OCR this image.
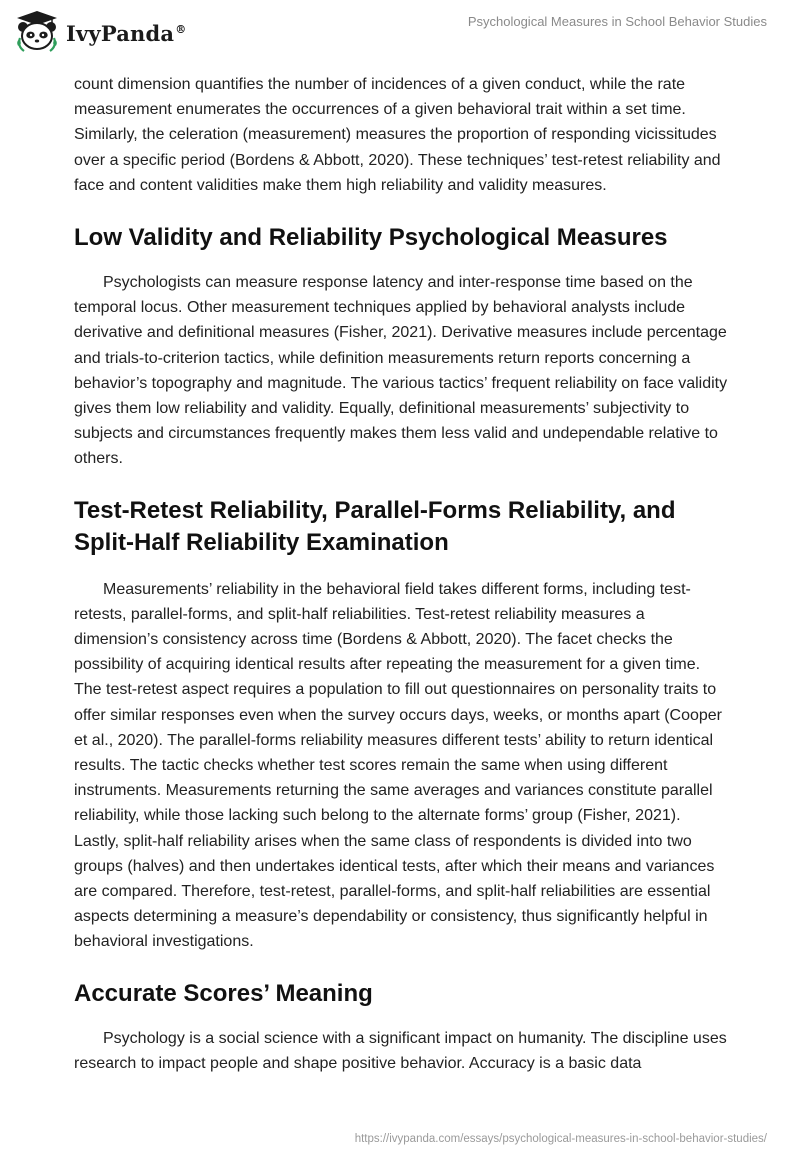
IvyPanda®	Psychological Measures in School Behavior Studies

count dimension quantifies the number of incidences of a given conduct, while the rate measurement enumerates the occurrences of a given behavioral trait within a set time. Similarly, the celeration (measurement) measures the proportion of responding vicissitudes over a specific period (Bordens & Abbott, 2020). These techniques’ test-retest reliability and face and content validities make them high reliability and validity measures.

Low Validity and Reliability Psychological Measures

Psychologists can measure response latency and inter-response time based on the temporal locus. Other measurement techniques applied by behavioral analysts include derivative and definitional measures (Fisher, 2021). Derivative measures include percentage and trials-to-criterion tactics, while definition measurements return reports concerning a behavior’s topography and magnitude. The various tactics’ frequent reliability on face validity gives them low reliability and validity. Equally, definitional measurements’ subjectivity to subjects and circumstances frequently makes them less valid and undependable relative to others.

Test-Retest Reliability, Parallel-Forms Reliability, and Split-Half Reliability Examination

Measurements’ reliability in the behavioral field takes different forms, including test-retests, parallel-forms, and split-half reliabilities. Test-retest reliability measures a dimension’s consistency across time (Bordens & Abbott, 2020). The facet checks the possibility of acquiring identical results after repeating the measurement for a given time. The test-retest aspect requires a population to fill out questionnaires on personality traits to offer similar responses even when the survey occurs days, weeks, or months apart (Cooper et al., 2020). The parallel-forms reliability measures different tests’ ability to return identical results. The tactic checks whether test scores remain the same when using different instruments. Measurements returning the same averages and variances constitute parallel reliability, while those lacking such belong to the alternate forms’ group (Fisher, 2021). Lastly, split-half reliability arises when the same class of respondents is divided into two groups (halves) and then undertakes identical tests, after which their means and variances are compared. Therefore, test-retest, parallel-forms, and split-half reliabilities are essential aspects determining a measure’s dependability or consistency, thus significantly helpful in behavioral investigations.

Accurate Scores’ Meaning

Psychology is a social science with a significant impact on humanity. The discipline uses research to impact people and shape positive behavior. Accuracy is a basic data

https://ivypanda.com/essays/psychological-measures-in-school-behavior-studies/
